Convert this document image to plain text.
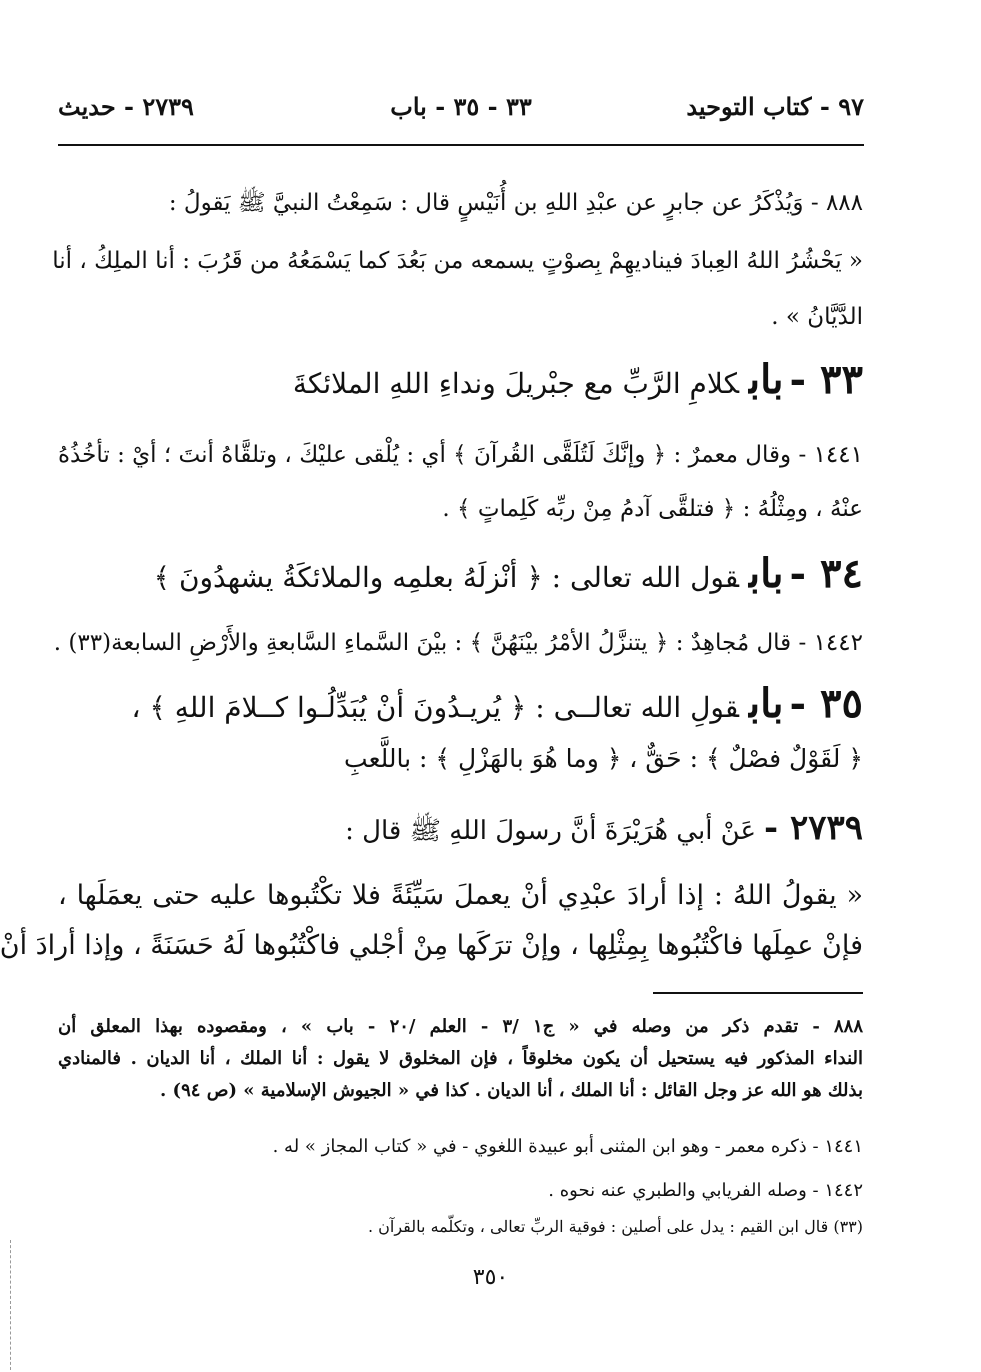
٩٧ - كتاب التوحيد
٣٣ - ٣٥ - باب
٢٧٣٩ - حديث
٨٨٨ - وَيُذْكَرُ عن جابرٍ عن عبْدِ اللهِ بن أُنَيْسٍ قال : سَمِعْتُ النبيَّ ﷺ يَقولُ :
« يَحْشُرُ اللهُ العِبادَ فيناديهِمْ بِصوْتٍ يسمعه من بَعُدَ كما يَسْمَعُهُ من قَرُبَ : أنا الملِكُ ، أنا
الدَّيَّانُ » .
٣٣ -بابكلامِ الرَّبِّ مع جبْريلَ ونداءِ اللهِ الملائكةَ
١٤٤١ - وقال معمرٌ : ﴿ وإنَّكَ لَتُلَقَّى القُرآنَ ﴾ أي : يُلْقى عليْكَ ، وتلقَّاهُ أنتَ ؛ أيْ : تأخُذُهُ
عنْهُ ، ومِثْلُهُ : ﴿ فتلقَّى آدمُ مِنْ ربِّه كَلِماتٍ ﴾ .
٣٤ -بابقول الله تعالى : ﴿ أنْزلَهُ بعلمِه والملائكَةُ يشهدُونَ ﴾
١٤٤٢ - قال مُجاهِدٌ : ﴿ يتنزَّلُ الأمْرُ بيْنَهُنَّ ﴾ : بيْنَ السَّماءِ السَّابعةِ والأَرْضِ السابعة(٣٣) .
٣٥ -بابقولِ الله تعالــى : ﴿ يُريـدُونَ أنْ يُبَدِّلُـوا كــلامَ اللهِ ﴾ ،
﴿ لَقَوْلٌ فصْلٌ ﴾ : حَقٌّ ، ﴿ وما هُوَ بالهَزْلِ ﴾ : باللَّعبِ
٢٧٣٩ -عَنْ أبي هُرَيْرَةَ أنَّ رسولَ اللهِ ﷺ قال :
« يقولُ اللهُ : إذا أرادَ عبْدِي أنْ يعملَ سَيِّئَةً فلا تكْتُبوها عليه حتى يعمَلَها ،
فإنْ عمِلَها فاكْتُبُوها بِمِثْلِها ، وإنْ ترَكَها مِنْ أجْلي فاكْتُبُوها لَهُ حَسَنَةً ، وإذا أرادَ أنْ
٨٨٨ - تقدم ذكر من وصله في « ج١ /٣ - العلم /٢٠ - باب » ، ومقصوده بهذا المعلق أن
النداء المذكور فيه يستحيل أن يكون مخلوقاً ، فإن المخلوق لا يقول : أنا الملك ، أنا الديان . فالمنادي
بذلك هو الله عز وجل القائل : أنا الملك ، أنا الديان . كذا في « الجيوش الإسلامية » (ص ٩٤) .
١٤٤١ - ذكره معمر - وهو ابن المثنى أبو عبيدة اللغوي - في « كتاب المجاز » له .
١٤٤٢ - وصله الفريابي والطبري عنه نحوه .
(٣٣) قال ابن القيم : يدل على أصلين : فوقية الربِّ تعالى ، وتكلّمه بالقرآن .
٣٥٠
